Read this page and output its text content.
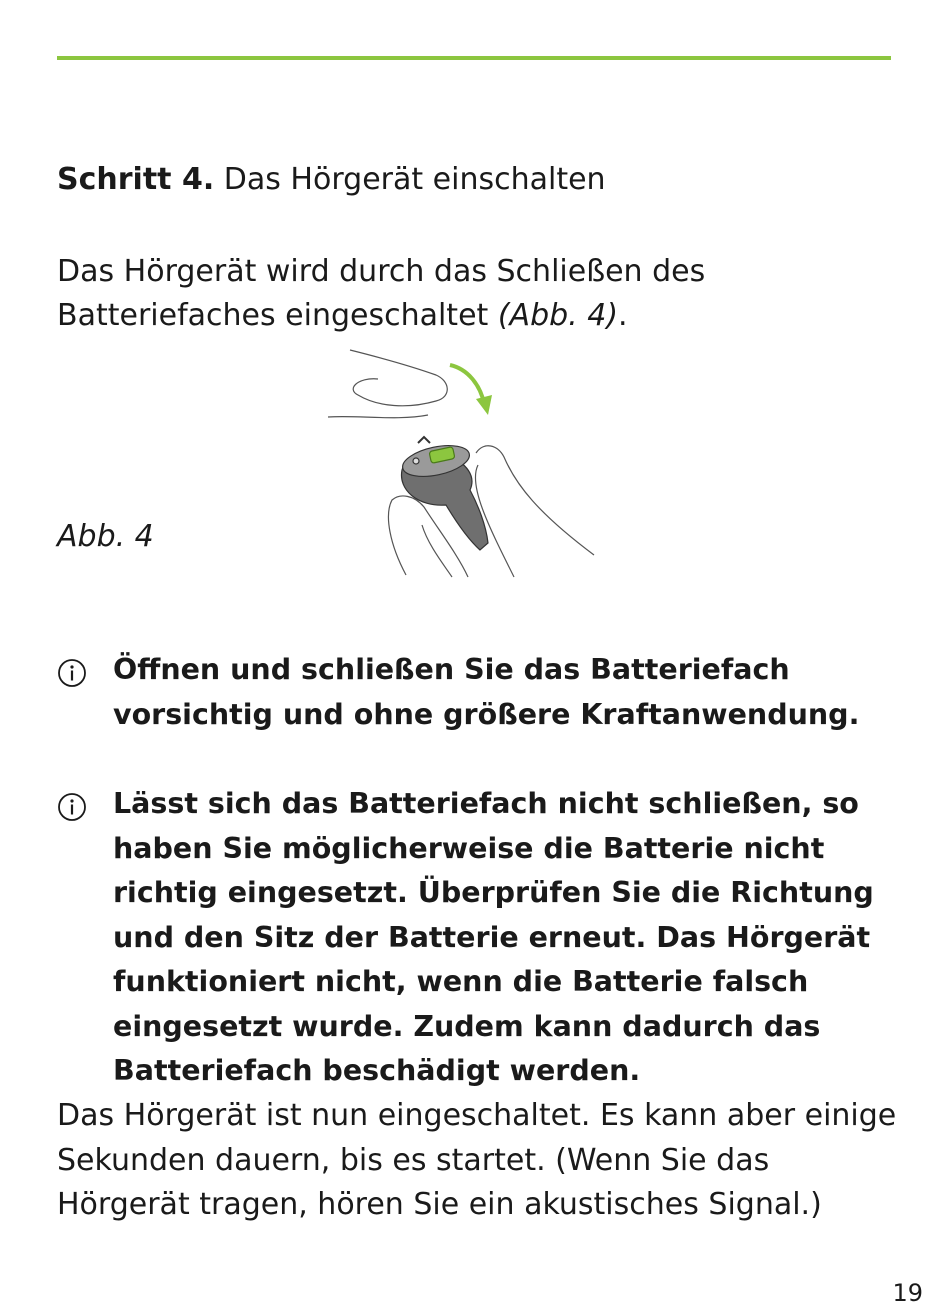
Schritt 4. Das Hörgerät einschalten
Das Hörgerät wird durch das Schließen des Batteriefaches eingeschaltet (Abb. 4).
Abb. 4
Öffnen und schließen Sie das Batteriefach vorsichtig und ohne größere Kraftanwendung.
Lässt sich das Batteriefach nicht schließen, so haben Sie möglicherweise die Batterie nicht richtig eingesetzt. Überprüfen Sie die Richtung und den Sitz der Batterie erneut. Das Hörgerät funktioniert nicht, wenn die Batterie falsch eingesetzt wurde. Zudem kann dadurch das Batteriefach beschädigt werden.
Das Hörgerät ist nun eingeschaltet. Es kann aber einige Sekunden dauern, bis es startet. (Wenn Sie das Hörgerät tragen, hören Sie ein akustisches Signal.)
19
